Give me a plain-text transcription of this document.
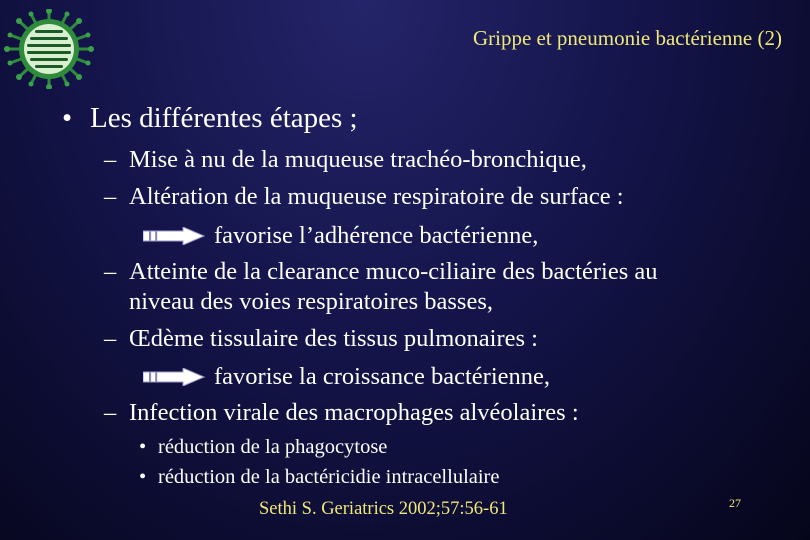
Grippe et pneumonie bactérienne (2)
• Les différentes étapes ;
– Mise à nu de la muqueuse trachéo-bronchique,
– Altération de la muqueuse respiratoire de surface :
favorise l’adhérence bactérienne,
– Atteinte de la clearance muco-ciliaire des bactéries au
niveau des voies respiratoires basses,
– Œdème tissulaire des tissus pulmonaires :
favorise la croissance bactérienne,
– Infection virale des macrophages alvéolaires :
• réduction de la phagocytose
• réduction de la bactéricidie intracellulaire
Sethi S. Geriatrics 2002;57:56-61	27
